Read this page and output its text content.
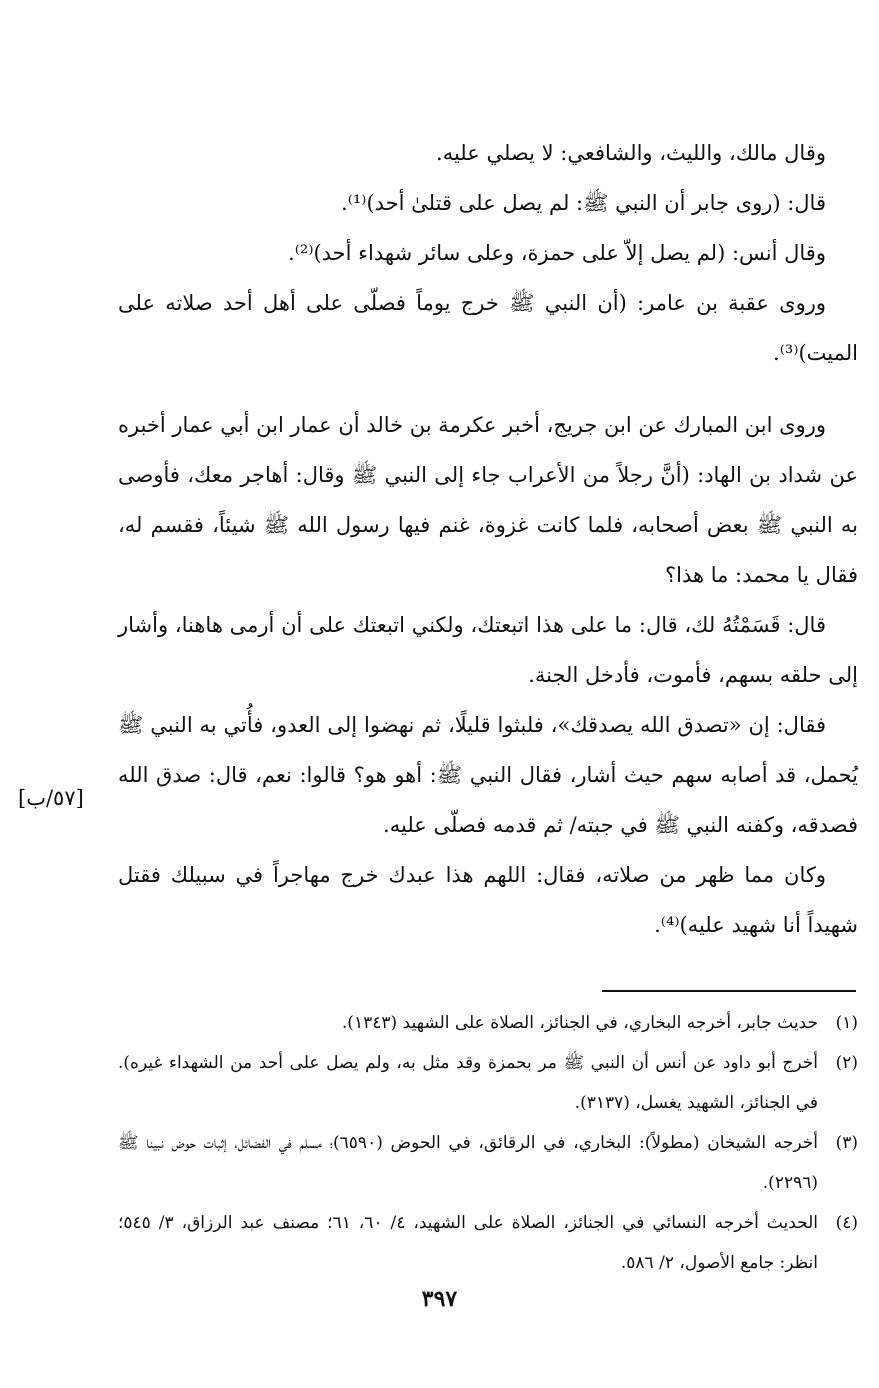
وقال مالك، والليث، والشافعي: لا يصلي عليه.

قال: (روى جابر أن النبي ﷺ: لم يصل على قتلىٰ أحد)⁽¹⁾.

وقال أنس: (لم يصل إلاّ على حمزة، وعلى سائر شهداء أحد)⁽²⁾.

وروى عقبة بن عامر: (أن النبي ﷺ خرج يوماً فصلّى على أهل أحد صلاته على الميت)⁽³⁾.

وروى ابن المبارك عن ابن جريج، أخبر عكرمة بن خالد أن عمار ابن أبي عمار أخبره عن شداد بن الهاد: (أنَّ رجلاً من الأعراب جاء إلى النبي ﷺ وقال: أهاجر معك، فأوصى به النبي ﷺ بعض أصحابه، فلما كانت غزوة، غنم فيها رسول الله ﷺ شيئاً، فقسم له، فقال يا محمد: ما هذا؟

قال: قَسَمْتُهُ لك، قال: ما على هذا اتبعتك، ولكني اتبعتك على أن أرمى هاهنا، وأشار إلى حلقه بسهم، فأموت، فأدخل الجنة.

فقال: إن «تصدق الله يصدقك»، فلبثوا قليلًا، ثم نهضوا إلى العدو، فأُتي به النبي ﷺ يُحمل، قد أصابه سهم حيث أشار، فقال النبي ﷺ: أهو هو؟ قالوا: نعم، قال: صدق الله فصدقه، وكفنه النبي ﷺ في جبته/ ثم قدمه فصلّى عليه.

وكان مما ظهر من صلاته، فقال: اللهم هذا عبدك خرج مهاجراً في سبيلك فقتل شهيداً أنا شهيد عليه)⁽⁴⁾.

[٥٧/ب]
(١)
حديث جابر، أخرجه البخاري، في الجنائز، الصلاة على الشهيد (١٣٤٣).
(٢)
أخرج أبو داود عن أنس أن النبي ﷺ مر بحمزة وقد مثل به، ولم يصل على أحد من الشهداء غيره). في الجنائز، الشهيد يغسل، (٣١٣٧).
(٣)
أخرجه الشيخان (مطولاً): البخاري، في الرقائق، في الحوض (٦٥٩٠)؛ مسلم في الفضائل، إثبات حوض نبينا ﷺ (٢٢٩٦).
(٤)
الحديث أخرجه النسائي في الجنائز، الصلاة على الشهيد، ٤/ ٦٠، ٦١؛ مصنف عبد الرزاق، ٣/ ٥٤٥؛ انظر: جامع الأصول، ٢/ ٥٨٦.
٣٩٧
